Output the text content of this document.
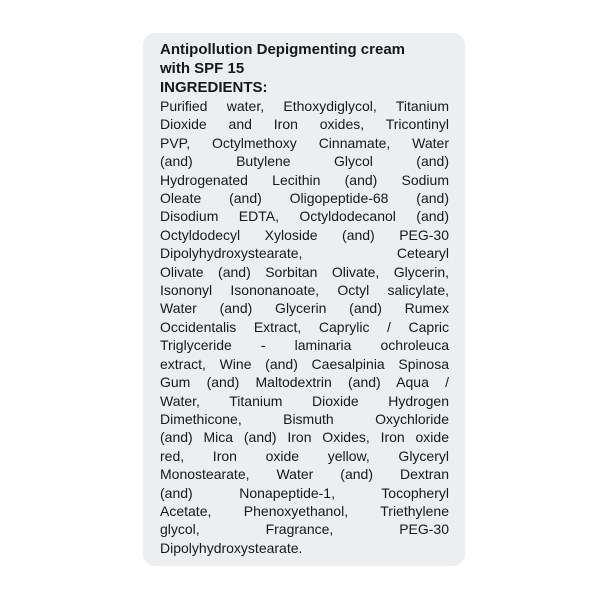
Antipollution Depigmenting cream
with SPF 15
INGREDIENTS:
Purified water, Ethoxydiglycol, Titanium
Dioxide and Iron oxides, Tricontinyl
PVP, Octylmethoxy Cinnamate, Water
(and) Butylene Glycol (and)
Hydrogenated Lecithin (and) Sodium
Oleate (and) Oligopeptide-68 (and)
Disodium EDTA, Octyldodecanol (and)
Octyldodecyl Xyloside (and) PEG-30
Dipolyhydroxystearate, Cetearyl
Olivate (and) Sorbitan Olivate, Glycerin,
Isononyl Isononanoate, Octyl salicylate,
Water (and) Glycerin (and) Rumex
Occidentalis Extract, Caprylic / Capric
Triglyceride - laminaria ochroleuca
extract, Wine (and) Caesalpinia Spinosa
Gum (and) Maltodextrin (and) Aqua /
Water, Titanium Dioxide Hydrogen
Dimethicone, Bismuth Oxychloride
(and) Mica (and) Iron Oxides, Iron oxide
red, Iron oxide yellow, Glyceryl
Monostearate, Water (and) Dextran
(and) Nonapeptide-1, Tocopheryl
Acetate, Phenoxyethanol, Triethylene
glycol, Fragrance, PEG-30
Dipolyhydroxystearate.
